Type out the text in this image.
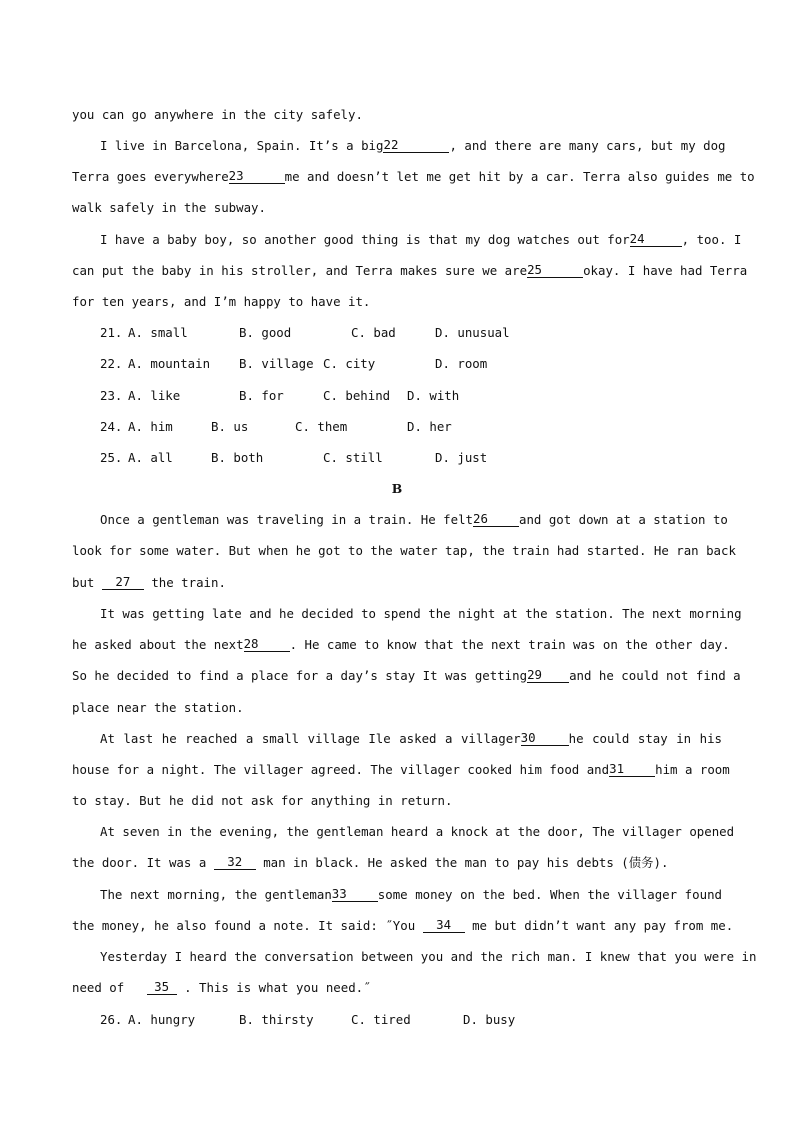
you can go anywhere in the city safely.
I live in Barcelona, Spain. It’s a big22	, and there are many cars, but my dog
Terra goes everywhere23	me and doesn’t let me get hit by a car. Terra also guides me to
walk safely in the subway.
I have a baby boy, so another good thing is that my dog watches out for24	, too. I
can put the baby in his stroller, and Terra makes sure we are25	okay. I have had Terra
for ten years, and I’m happy to have it.
21. A. small	B. good	C. bad	D. unusual
22. A. mountain B. village C. city	D. room
23. A. like	B. for	C. behind D. with
24. A. him	B. us	C. them	D. her
25. A. all	B. both	C. still	D. just
B
Once a gentleman was traveling in a train. He felt26	and got down at a station to
look for some water. But when he got to the water tap, the train had started. He ran back
but 27 the train.
It was getting late and he decided to spend the night at the station. The next morning
he asked about the next28	. He came to know that the next train was on the other day.
So he decided to find a place for a day’s stay It was getting29 and he could not find a
place near the station.
At last he reached a small village Ile asked a villager30	he could stay in his
house for a night. The villager agreed. The villager cooked him food and31	him a room
to stay. But he did not ask for anything in return.
At seven in the evening, the gentleman heard a knock at the door, The villager opened
the door. It was a 32 man in black. He asked the man to pay his debts (债务).
The next morning, the gentleman33	some money on the bed. When the villager found
the money, he also found a note. It said: ˝You 34 me but didn’t want any pay from me.
Yesterday I heard the conversation between you and the rich man. I knew that you were in
need of 35 . This is what you need.˝
26. A. hungry	B. thirsty	C. tired	D. busy
